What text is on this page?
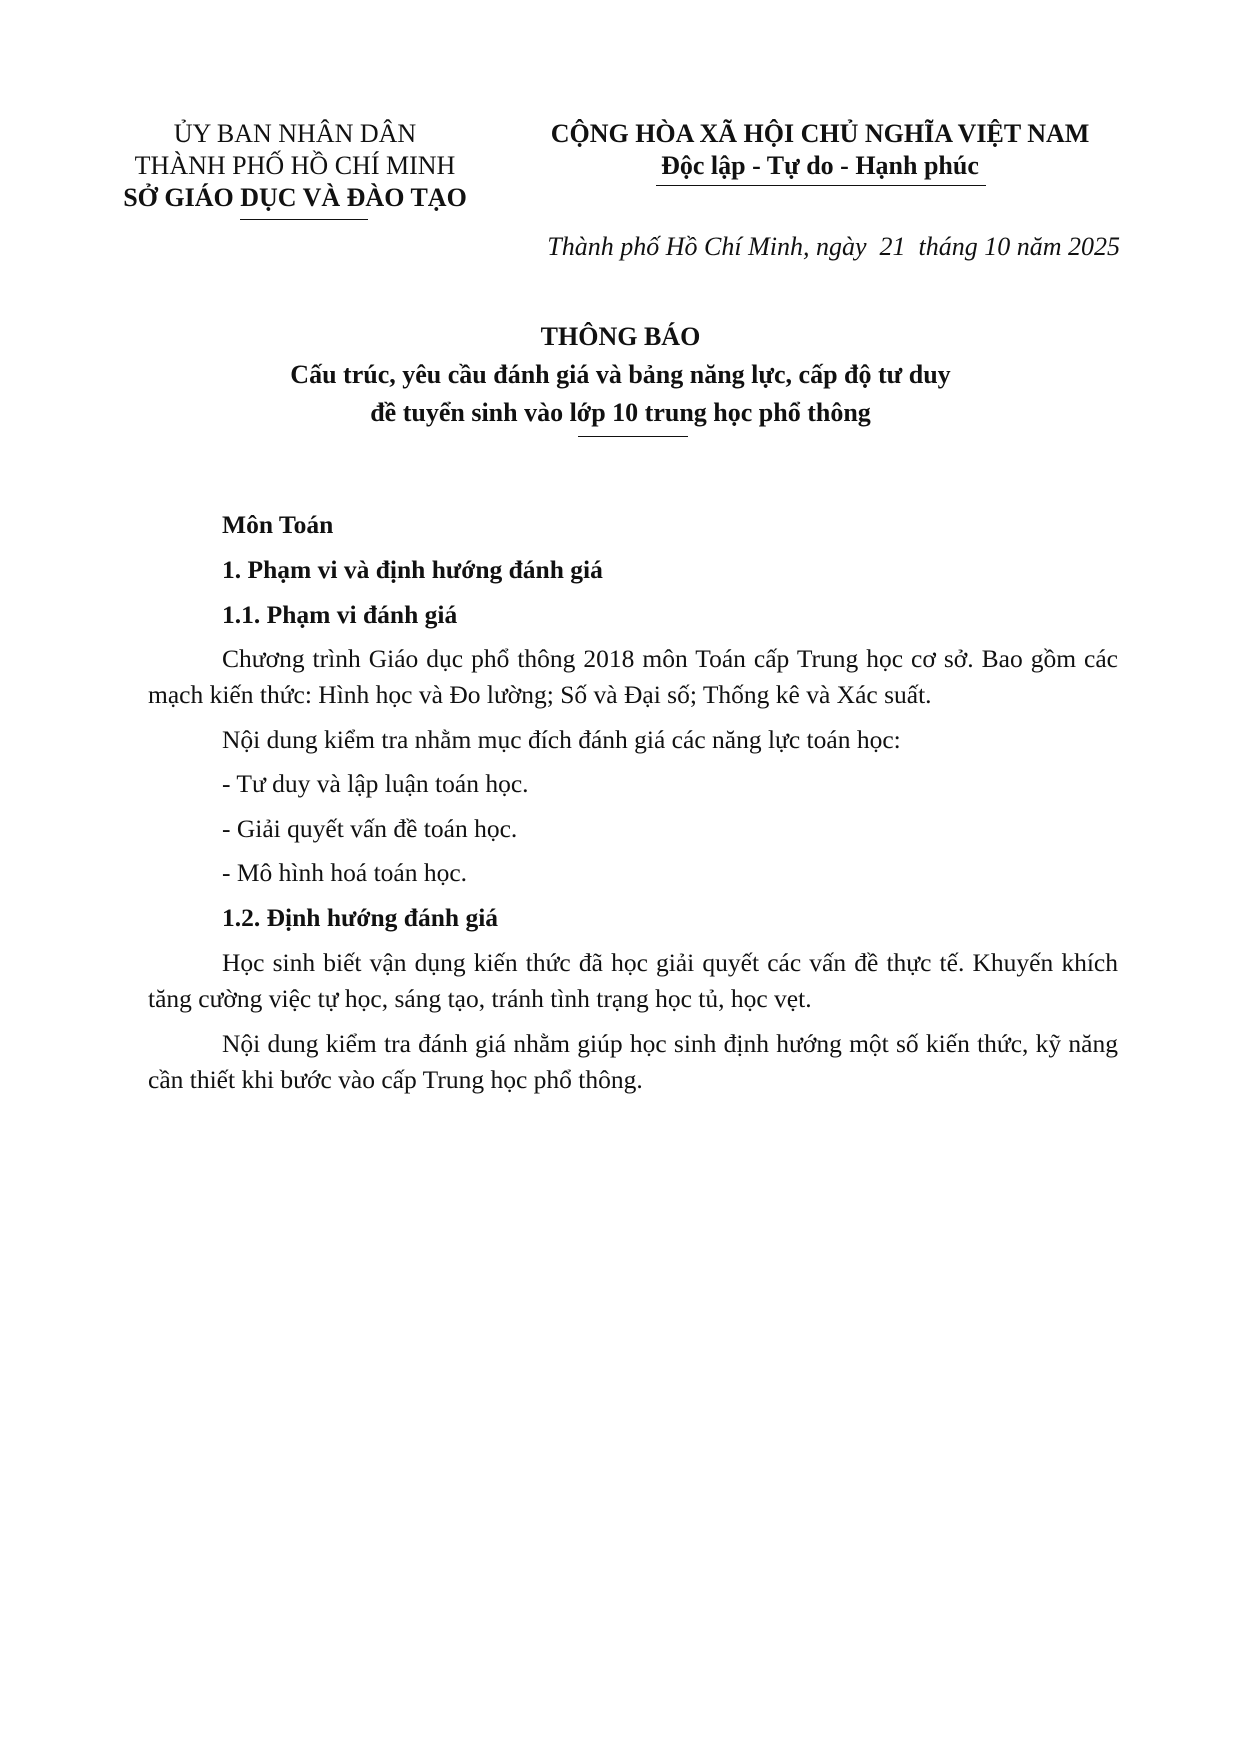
ỦY BAN NHÂN DÂN
THÀNH PHỐ HỒ CHÍ MINH
SỞ GIÁO DỤC VÀ ĐÀO TẠO
CỘNG HÒA XÃ HỘI CHỦ NGHĨA VIỆT NAM
Độc lập - Tự do - Hạnh phúc
Thành phố Hồ Chí Minh, ngày  21  tháng 10 năm 2025
THÔNG BÁO
Cấu trúc, yêu cầu đánh giá và bảng năng lực, cấp độ tư duy
đề tuyển sinh vào lớp 10 trung học phổ thông
Môn Toán
1. Phạm vi và định hướng đánh giá
1.1. Phạm vi đánh giá
Chương trình Giáo dục phổ thông 2018 môn Toán cấp Trung học cơ sở. Bao gồm các mạch kiến thức: Hình học và Đo lường; Số và Đại số; Thống kê và Xác suất.
Nội dung kiểm tra nhằm mục đích đánh giá các năng lực toán học:
- Tư duy và lập luận toán học.
- Giải quyết vấn đề toán học.
- Mô hình hoá toán học.
1.2. Định hướng đánh giá
Học sinh biết vận dụng kiến thức đã học giải quyết các vấn đề thực tế. Khuyến khích tăng cường việc tự học, sáng tạo, tránh tình trạng học tủ, học vẹt.
Nội dung kiểm tra đánh giá nhằm giúp học sinh định hướng một số kiến thức, kỹ năng cần thiết khi bước vào cấp Trung học phổ thông.
